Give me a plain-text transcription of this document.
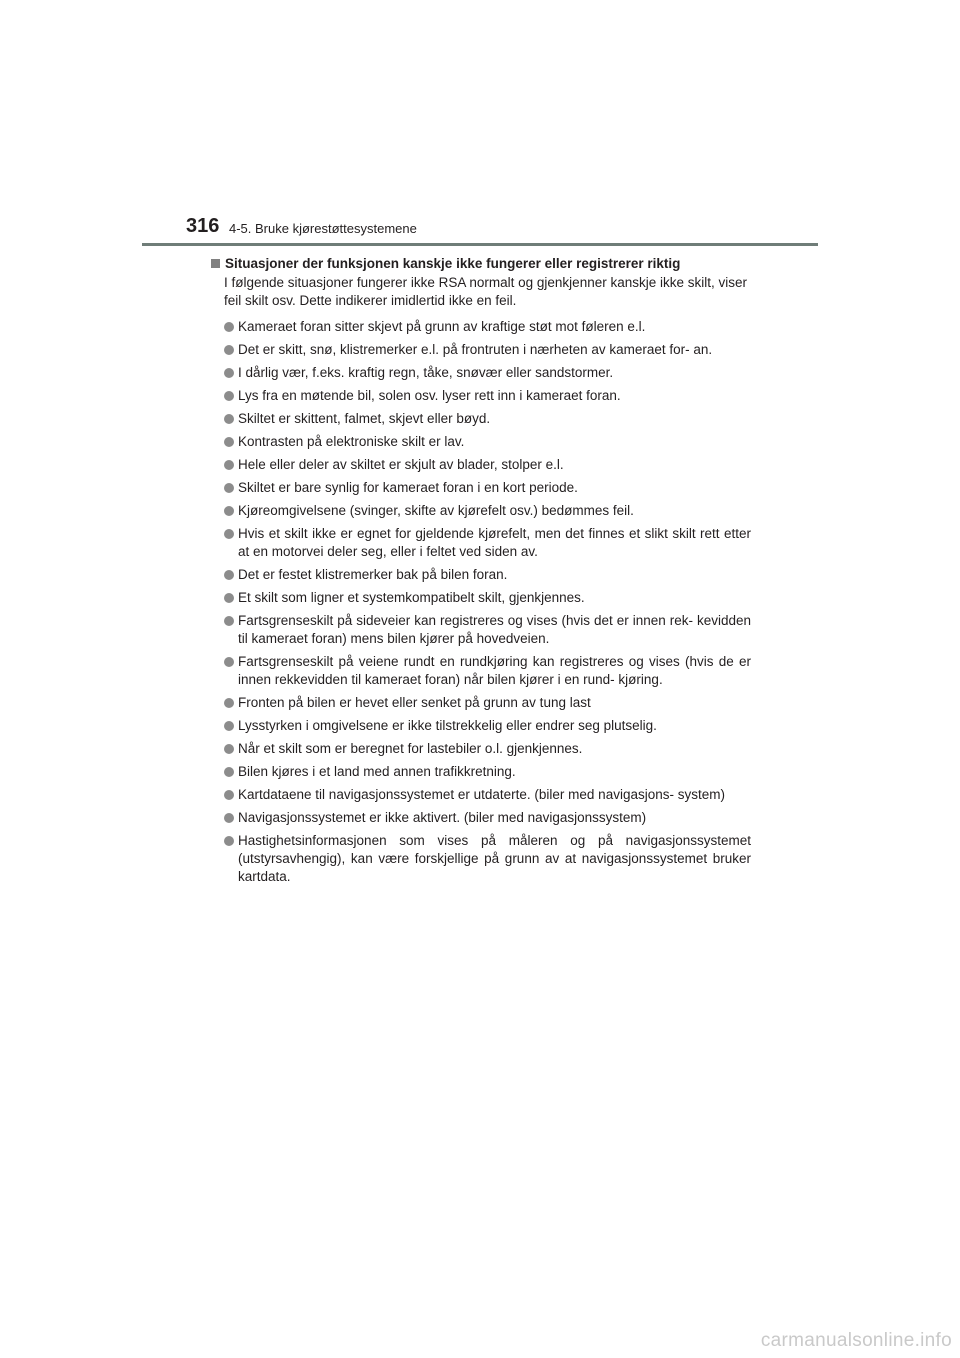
316 4-5. Bruke kjørestøttesystemene
Situasjoner der funksjonen kanskje ikke fungerer eller registrerer riktig

I følgende situasjoner fungerer ikke RSA normalt og gjenkjenner kanskje ikke skilt, viser feil skilt osv. Dette indikerer imidlertid ikke en feil.

Kameraet foran sitter skjevt på grunn av kraftige støt mot føleren e.l.
Det er skitt, snø, klistremerker e.l. på frontruten i nærheten av kameraet for- an.
I dårlig vær, f.eks. kraftig regn, tåke, snøvær eller sandstormer.
Lys fra en møtende bil, solen osv. lyser rett inn i kameraet foran.
Skiltet er skittent, falmet, skjevt eller bøyd.
Kontrasten på elektroniske skilt er lav.
Hele eller deler av skiltet er skjult av blader, stolper e.l.
Skiltet er bare synlig for kameraet foran i en kort periode.
Kjøreomgivelsene (svinger, skifte av kjørefelt osv.) bedømmes feil.
Hvis et skilt ikke er egnet for gjeldende kjørefelt, men det finnes et slikt skilt rett etter at en motorvei deler seg, eller i feltet ved siden av.
Det er festet klistremerker bak på bilen foran.
Et skilt som ligner et systemkompatibelt skilt, gjenkjennes.
Fartsgrenseskilt på sideveier kan registreres og vises (hvis det er innen rek- kevidden til kameraet foran) mens bilen kjører på hovedveien.
Fartsgrenseskilt på veiene rundt en rundkjøring kan registreres og vises (hvis de er innen rekkevidden til kameraet foran) når bilen kjører i en rund- kjøring.
Fronten på bilen er hevet eller senket på grunn av tung last
Lysstyrken i omgivelsene er ikke tilstrekkelig eller endrer seg plutselig.
Når et skilt som er beregnet for lastebiler o.l. gjenkjennes.
Bilen kjøres i et land med annen trafikkretning.
Kartdataene til navigasjonssystemet er utdaterte. (biler med navigasjons- system)
Navigasjonssystemet er ikke aktivert. (biler med navigasjonssystem)
Hastighetsinformasjonen som vises på måleren og på navigasjonssystemet (utstyrsavhengig), kan være forskjellige på grunn av at navigasjonssystemet bruker kartdata.
carmanualsonline.info
